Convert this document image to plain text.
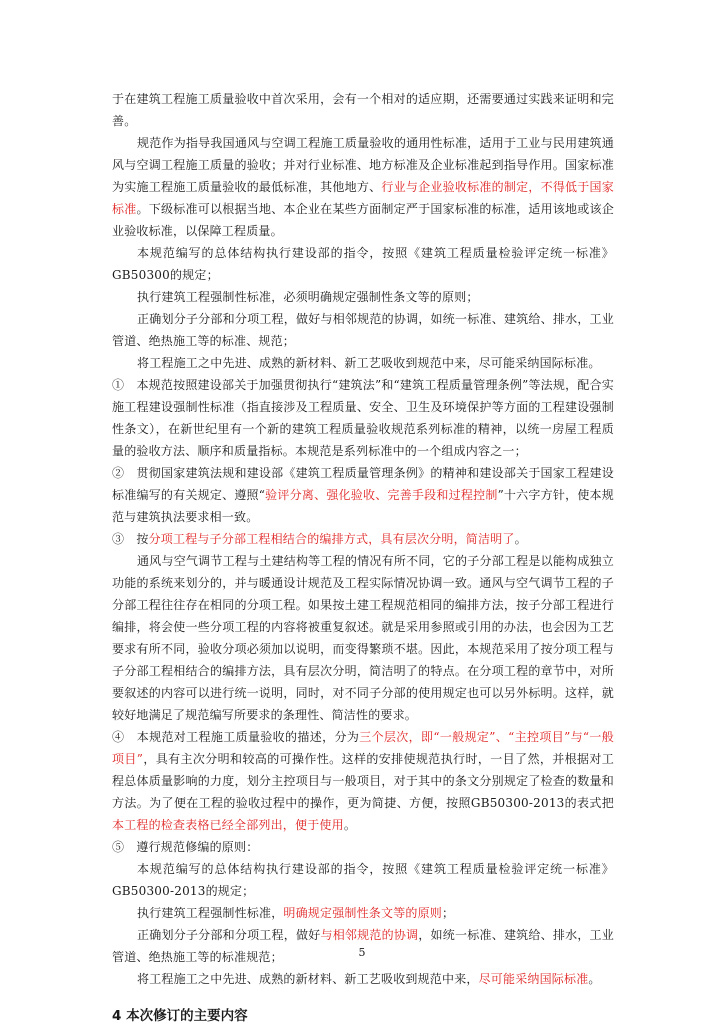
于在建筑工程施工质量验收中首次采用，会有一个相对的适应期，还需要通过实践来证明和完善。

规范作为指导我国通风与空调工程施工质量验收的通用性标准，适用于工业与民用建筑通风与空调工程施工质量的验收；并对行业标准、地方标准及企业标准起到指导作用。国家标准为实施工程施工质量验收的最低标准，其他地方、行业与企业验收标准的制定，不得低于国家标准。下级标准可以根据当地、本企业在某些方面制定严于国家标准的标准，适用该地或该企业验收标准，以保障工程质量。

本规范编写的总体结构执行建设部的指令，按照《建筑工程质量检验评定统一标准》GB50300的规定；

执行建筑工程强制性标准，必须明确规定强制性条文等的原则；

正确划分子分部和分项工程，做好与相邻规范的协调，如统一标准、建筑给、排水，工业管道、绝热施工等的标准、规范；

将工程施工之中先进、成熟的新材料、新工艺吸收到规范中来，尽可能采纳国际标准。

①　本规范按照建设部关于加强贯彻执行“建筑法”和“建筑工程质量管理条例”等法规，配合实施工程建设强制性标准（指直接涉及工程质量、安全、卫生及环境保护等方面的工程建设强制性条文），在新世纪里有一个新的建筑工程质量验收规范系列标准的精神，以统一房屋工程质量的验收方法、顺序和质量指标。本规范是系列标准中的一个组成内容之一；

②　贯彻国家建筑法规和建设部《建筑工程质量管理条例》的精神和建设部关于国家工程建设标准编写的有关规定、遵照“验评分离、强化验收、完善手段和过程控制”十六字方针，使本规范与建筑执法要求相一致。

③　按分项工程与子分部工程相结合的编排方式，具有层次分明，简洁明了。

通风与空气调节工程与土建结构等工程的情况有所不同，它的子分部工程是以能构成独立功能的系统来划分的，并与暖通设计规范及工程实际情况协调一致。通风与空气调节工程的子分部工程往往存在相同的分项工程。如果按土建工程规范相同的编排方法，按子分部工程进行编排，将会使一些分项工程的内容将被重复叙述。就是采用参照或引用的办法，也会因为工艺要求有所不同，验收分项必须加以说明，而变得繁琐不堪。因此，本规范采用了按分项工程与子分部工程相结合的编排方法，具有层次分明，简洁明了的特点。在分项工程的章节中，对所要叙述的内容可以进行统一说明，同时，对不同子分部的使用规定也可以另外标明。这样，就较好地满足了规范编写所要求的条理性、简洁性的要求。

④　本规范对工程施工质量验收的描述，分为三个层次，即“一般规定”、“主控项目”与“一般项目”，具有主次分明和较高的可操作性。这样的安排使规范执行时，一目了然，并根据对工程总体质量影响的力度，划分主控项目与一般项目，对于其中的条文分别规定了检查的数量和方法。为了便在工程的验收过程中的操作，更为简捷、方便，按照GB50300-2013的表式把本工程的检查表格已经全部列出，便于使用。

⑤　遵行规范修编的原则：

本规范编写的总体结构执行建设部的指令，按照《建筑工程质量检验评定统一标准》GB50300-2013的规定；

执行建筑工程强制性标准，明确规定强制性条文等的原则；

正确划分子分部和分项工程，做好与相邻规范的协调，如统一标准、建筑给、排水，工业管道、绝热施工等的标准规范；

将工程施工之中先进、成熟的新材料、新工艺吸收到规范中来，尽可能采纳国际标准。

4 本次修订的主要内容
5
